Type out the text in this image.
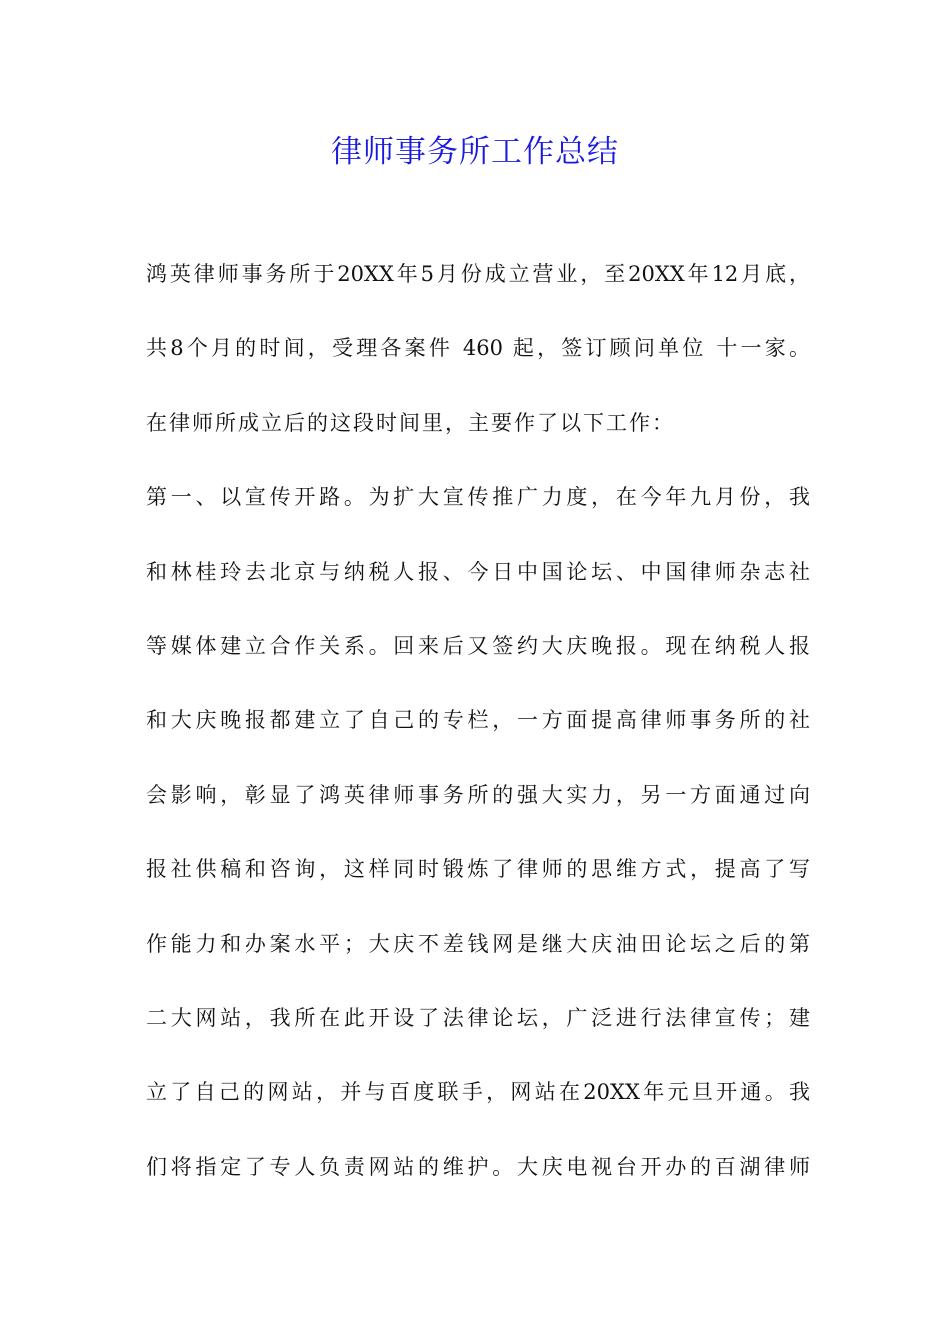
律师事务所工作总结

鸿英律师事务所于20XX年5月份成立营业，至20XX年12月底，

共8个月的时间，受理各案件 460 起，签订顾问单位 十一家。

在律师所成立后的这段时间里，主要作了以下工作：

第一、以宣传开路。为扩大宣传推广力度，在今年九月份，我

和林桂玲去北京与纳税人报、今日中国论坛、中国律师杂志社

等媒体建立合作关系。回来后又签约大庆晚报。现在纳税人报

和大庆晚报都建立了自己的专栏，一方面提高律师事务所的社

会影响，彰显了鸿英律师事务所的强大实力，另一方面通过向

报社供稿和咨询，这样同时锻炼了律师的思维方式，提高了写

作能力和办案水平；大庆不差钱网是继大庆油田论坛之后的第

二大网站，我所在此开设了法律论坛，广泛进行法律宣传；建

立了自己的网站，并与百度联手，网站在20XX年元旦开通。我

们将指定了专人负责网站的维护。大庆电视台开办的百湖律师
